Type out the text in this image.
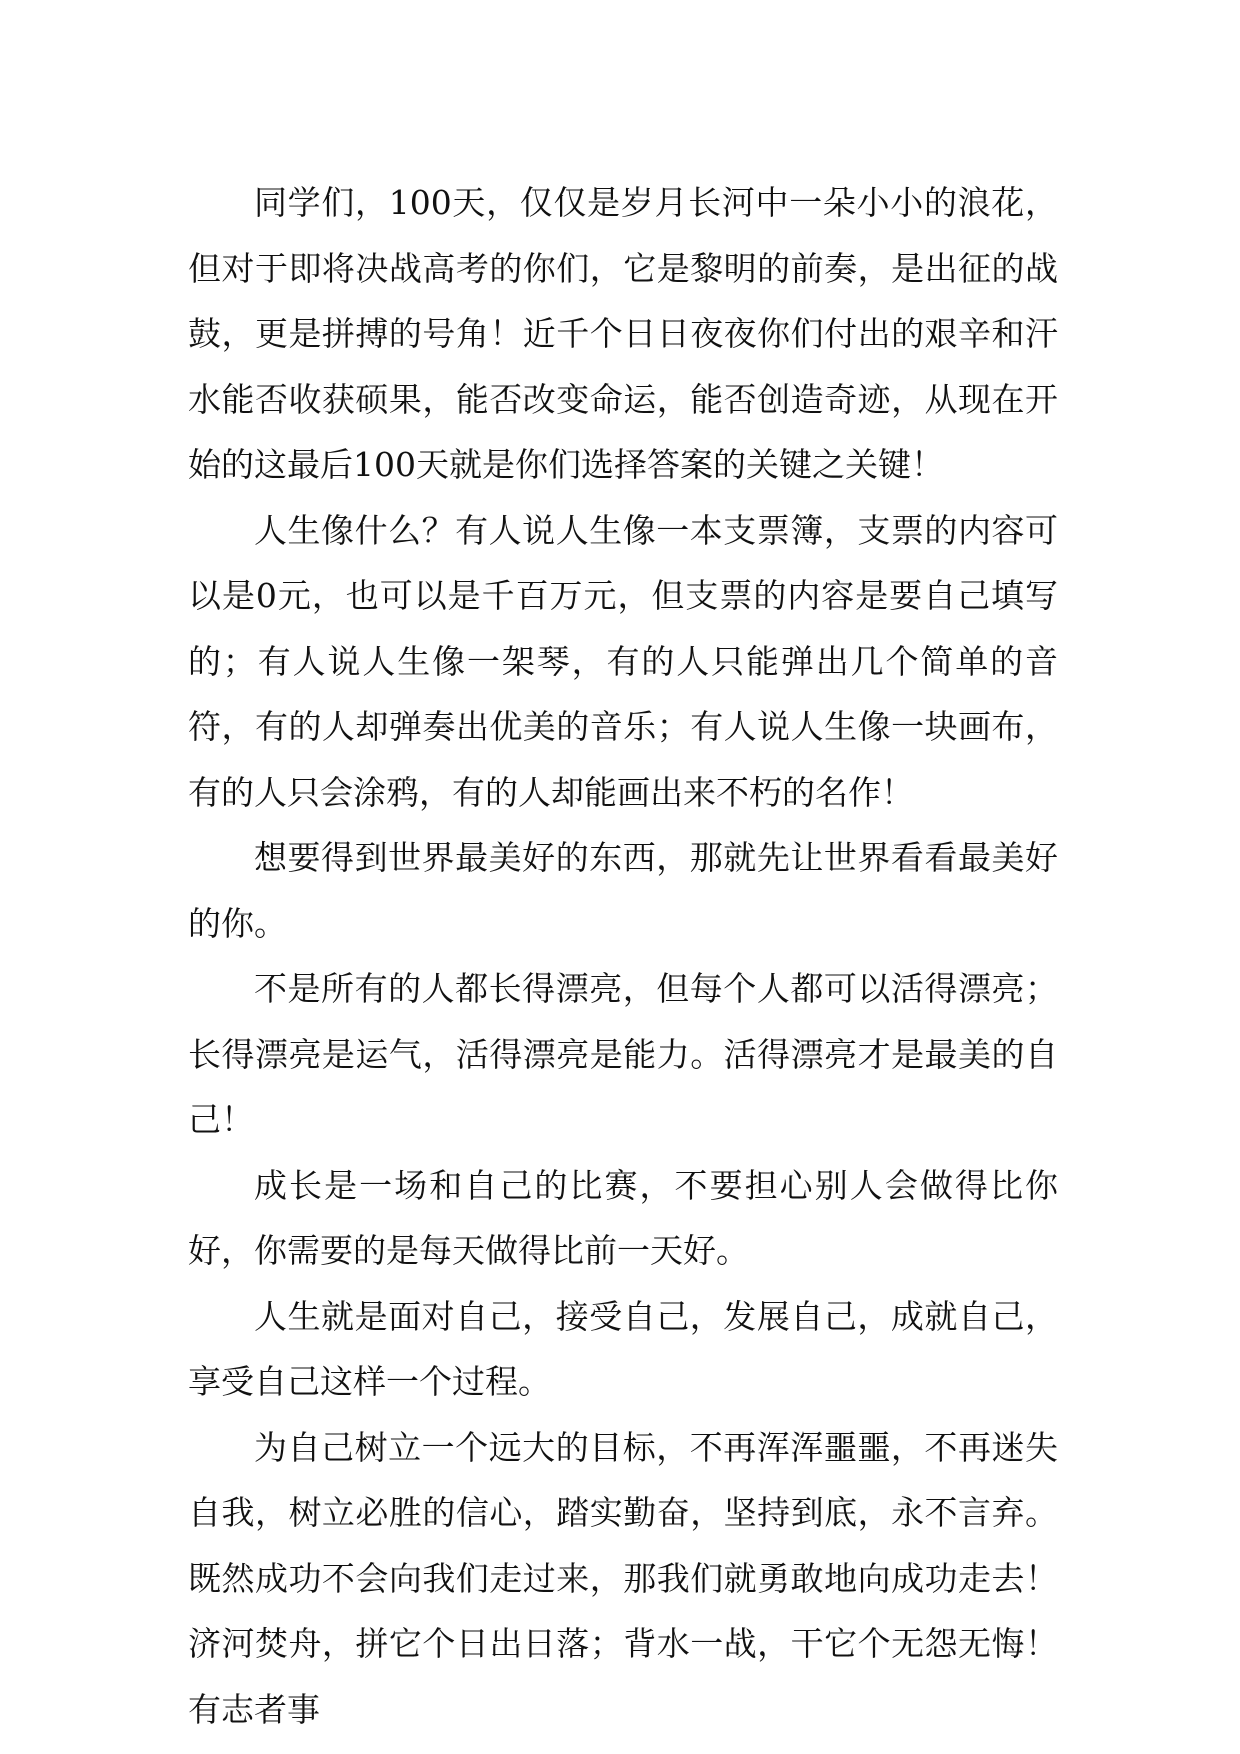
同学们，100天，仅仅是岁月长河中一朵小小的浪花，但对于即将决战高考的你们，它是黎明的前奏，是出征的战鼓，更是拼搏的号角！近千个日日夜夜你们付出的艰辛和汗水能否收获硕果，能否改变命运，能否创造奇迹，从现在开始的这最后100天就是你们选择答案的关键之关键！

人生像什么？有人说人生像一本支票簿，支票的内容可以是0元，也可以是千百万元，但支票的内容是要自己填写的；有人说人生像一架琴，有的人只能弹出几个简单的音符，有的人却弹奏出优美的音乐；有人说人生像一块画布，有的人只会涂鸦，有的人却能画出来不朽的名作！

想要得到世界最美好的东西，那就先让世界看看最美好的你。

不是所有的人都长得漂亮，但每个人都可以活得漂亮；长得漂亮是运气，活得漂亮是能力。活得漂亮才是最美的自己！

成长是一场和自己的比赛，不要担心别人会做得比你好，你需要的是每天做得比前一天好。

人生就是面对自己，接受自己，发展自己，成就自己，享受自己这样一个过程。

为自己树立一个远大的目标，不再浑浑噩噩，不再迷失自我，树立必胜的信心，踏实勤奋，坚持到底，永不言弃。既然成功不会向我们走过来，那我们就勇敢地向成功走去！济河焚舟，拼它个日出日落；背水一战，干它个无怨无悔！有志者事
